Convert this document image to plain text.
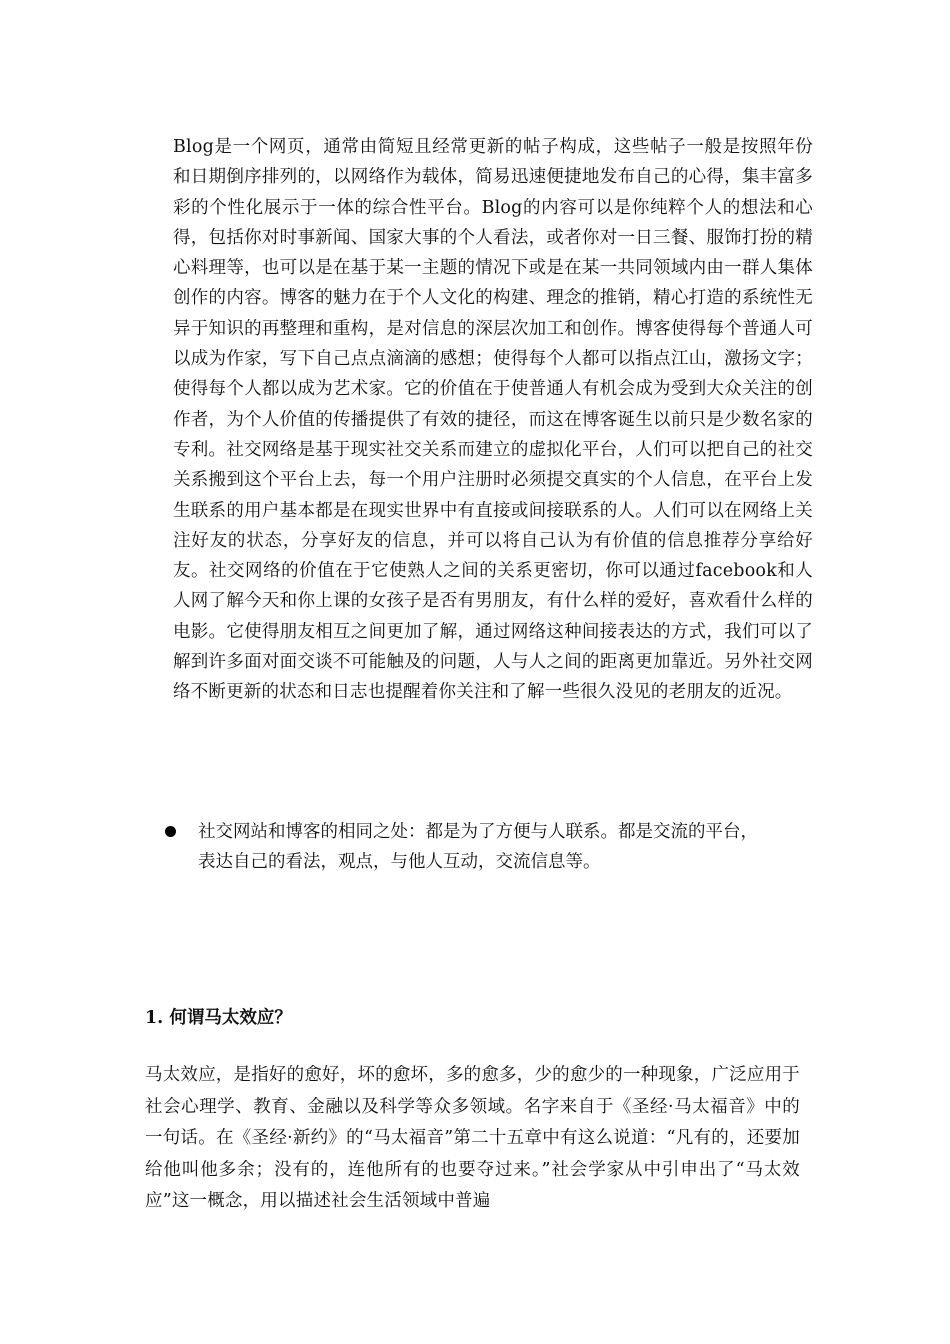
Blog是一个网页，通常由简短且经常更新的帖子构成，这些帖子一般是按照年份和日期倒序排列的，以网络作为载体，简易迅速便捷地发布自己的心得，集丰富多彩的个性化展示于一体的综合性平台。Blog的内容可以是你纯粹个人的想法和心得，包括你对时事新闻、国家大事的个人看法，或者你对一日三餐、服饰打扮的精心料理等，也可以是在基于某一主题的情况下或是在某一共同领域内由一群人集体创作的内容。博客的魅力在于个人文化的构建、理念的推销，精心打造的系统性无异于知识的再整理和重构，是对信息的深层次加工和创作。博客使得每个普通人可以成为作家，写下自己点点滴滴的感想；使得每个人都可以指点江山，激扬文字；使得每个人都以成为艺术家。它的价值在于使普通人有机会成为受到大众关注的创作者，为个人价值的传播提供了有效的捷径，而这在博客诞生以前只是少数名家的专利。社交网络是基于现实社交关系而建立的虚拟化平台，人们可以把自己的社交关系搬到这个平台上去，每一个用户注册时必须提交真实的个人信息，在平台上发生联系的用户基本都是在现实世界中有直接或间接联系的人。人们可以在网络上关注好友的状态，分享好友的信息，并可以将自己认为有价值的信息推荐分享给好友。社交网络的价值在于它使熟人之间的关系更密切，你可以通过facebook和人人网了解今天和你上课的女孩子是否有男朋友，有什么样的爱好，喜欢看什么样的电影。它使得朋友相互之间更加了解，通过网络这种间接表达的方式，我们可以了解到许多面对面交谈不可能触及的问题，人与人之间的距离更加靠近。另外社交网络不断更新的状态和日志也提醒着你关注和了解一些很久没见的老朋友的近况。

社交网站和博客的相同之处：都是为了方便与人联系。都是交流的平台，表达自己的看法，观点，与他人互动，交流信息等。
1. 何谓马太效应？

马太效应，是指好的愈好，坏的愈坏，多的愈多，少的愈少的一种现象，广泛应用于社会心理学、教育、金融以及科学等众多领域。名字来自于《圣经·马太福音》中的一句话。在《圣经·新约》的“马太福音”第二十五章中有这么说道：“凡有的，还要加给他叫他多余；没有的，连他所有的也要夺过来。”社会学家从中引申出了“马太效应”这一概念，用以描述社会生活领域中普遍
